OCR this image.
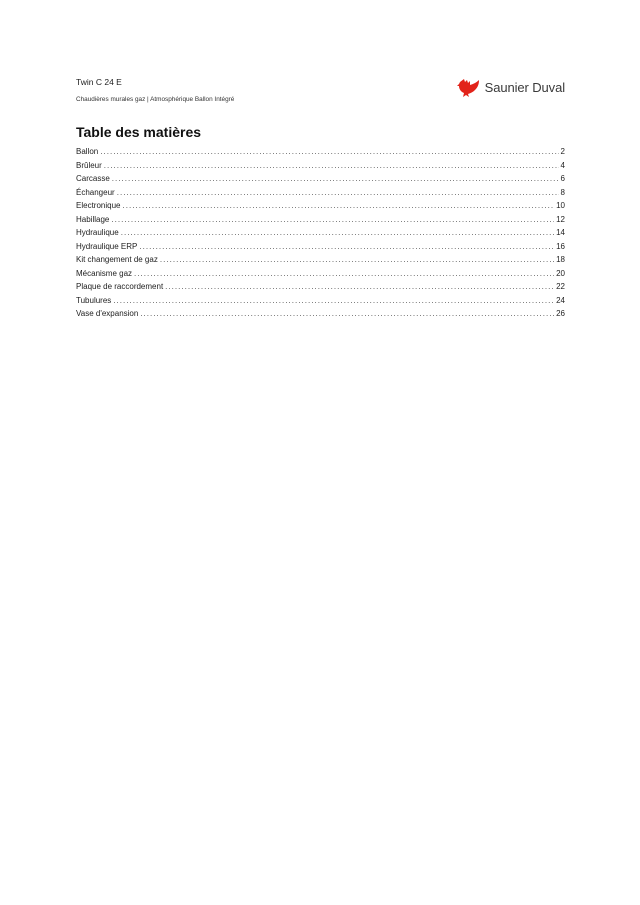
Twin C 24 E
Chaudières murales gaz | Atmosphérique Ballon Intégré
Saunier Duval
Table des matières
Ballon . . .	2
Brûleur . . .	4
Carcasse . . .	6
Échangeur . . .	8
Electronique . . .	10
Habillage . . .	12
Hydraulique . . .	14
Hydraulique ERP . . .	16
Kit changement de gaz . . .	18
Mécanisme gaz . . .	20
Plaque de raccordement . . .	22
Tubulures . . .	24
Vase d'expansion . . .	26
